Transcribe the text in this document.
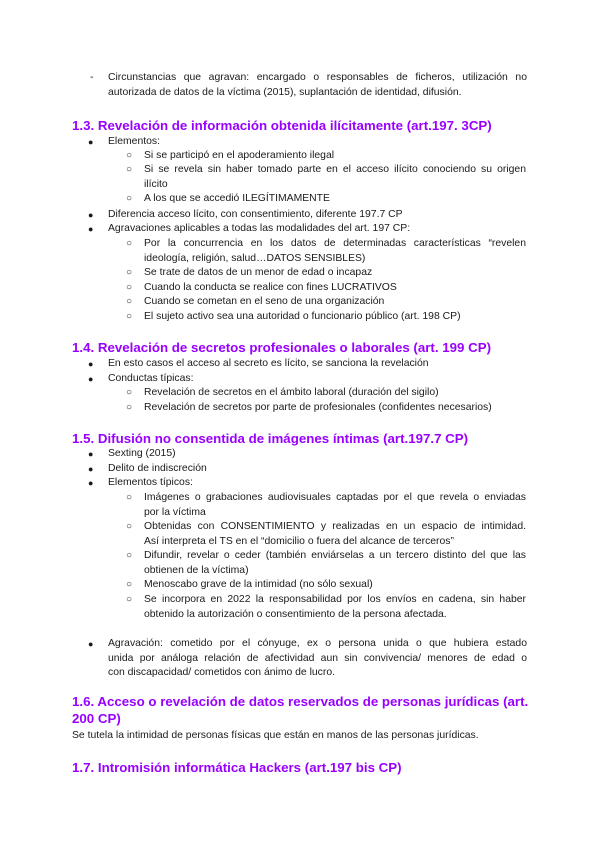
- Circunstancias que agravan: encargado o responsables de ficheros, utilización no
autorizada de datos de la víctima (2015), suplantación de identidad, difusión.
1.3. Revelación de información obtenida ilícitamente (art.197. 3CP)
● Elementos:
○ Si se participó en el apoderamiento ilegal
○ Si se revela sin haber tomado parte en el acceso ilícito conociendo su origen
ilícito
○ A los que se accedió ILEGÍTIMAMENTE
● Diferencia acceso lícito, con consentimiento, diferente 197.7 CP
● Agravaciones aplicables a todas las modalidades del art. 197 CP:
○ Por la concurrencia en los datos de determinadas características “revelen
ideología, religión, salud…DATOS SENSIBLES)
○ Se trate de datos de un menor de edad o incapaz
○ Cuando la conducta se realice con fines LUCRATIVOS
○ Cuando se cometan en el seno de una organización
○ El sujeto activo sea una autoridad o funcionario público (art. 198 CP)
1.4. Revelación de secretos profesionales o laborales (art. 199 CP)
● En esto casos el acceso al secreto es lícito, se sanciona la revelación
● Conductas típicas:
○ Revelación de secretos en el ámbito laboral (duración del sigilo)
○ Revelación de secretos por parte de profesionales (confidentes necesarios)
1.5. Difusión no consentida de imágenes íntimas (art.197.7 CP)
● Sexting (2015)
● Delito de indiscreción
● Elementos típicos:
○ Imágenes o grabaciones audiovisuales captadas por el que revela o enviadas
por la víctima
○ Obtenidas con CONSENTIMIENTO y realizadas en un espacio de intimidad.
Así interpreta el TS en el “domicilio o fuera del alcance de terceros”
○ Difundir, revelar o ceder (también enviárselas a un tercero distinto del que las
obtienen de la víctima)
○ Menoscabo grave de la intimidad (no sólo sexual)
○ Se incorpora en 2022 la responsabilidad por los envíos en cadena, sin haber
obtenido la autorización o consentimiento de la persona afectada.
● Agravación: cometido por el cónyuge, ex o persona unida o que hubiera estado
unida por análoga relación de afectividad aun sin convivencia/ menores de edad o
con discapacidad/ cometidos con ánimo de lucro.
1.6. Acceso o revelación de datos reservados de personas jurídicas (art.
200 CP)
Se tutela la intimidad de personas físicas que están en manos de las personas jurídicas.
1.7. Intromisión informática Hackers (art.197 bis CP)
